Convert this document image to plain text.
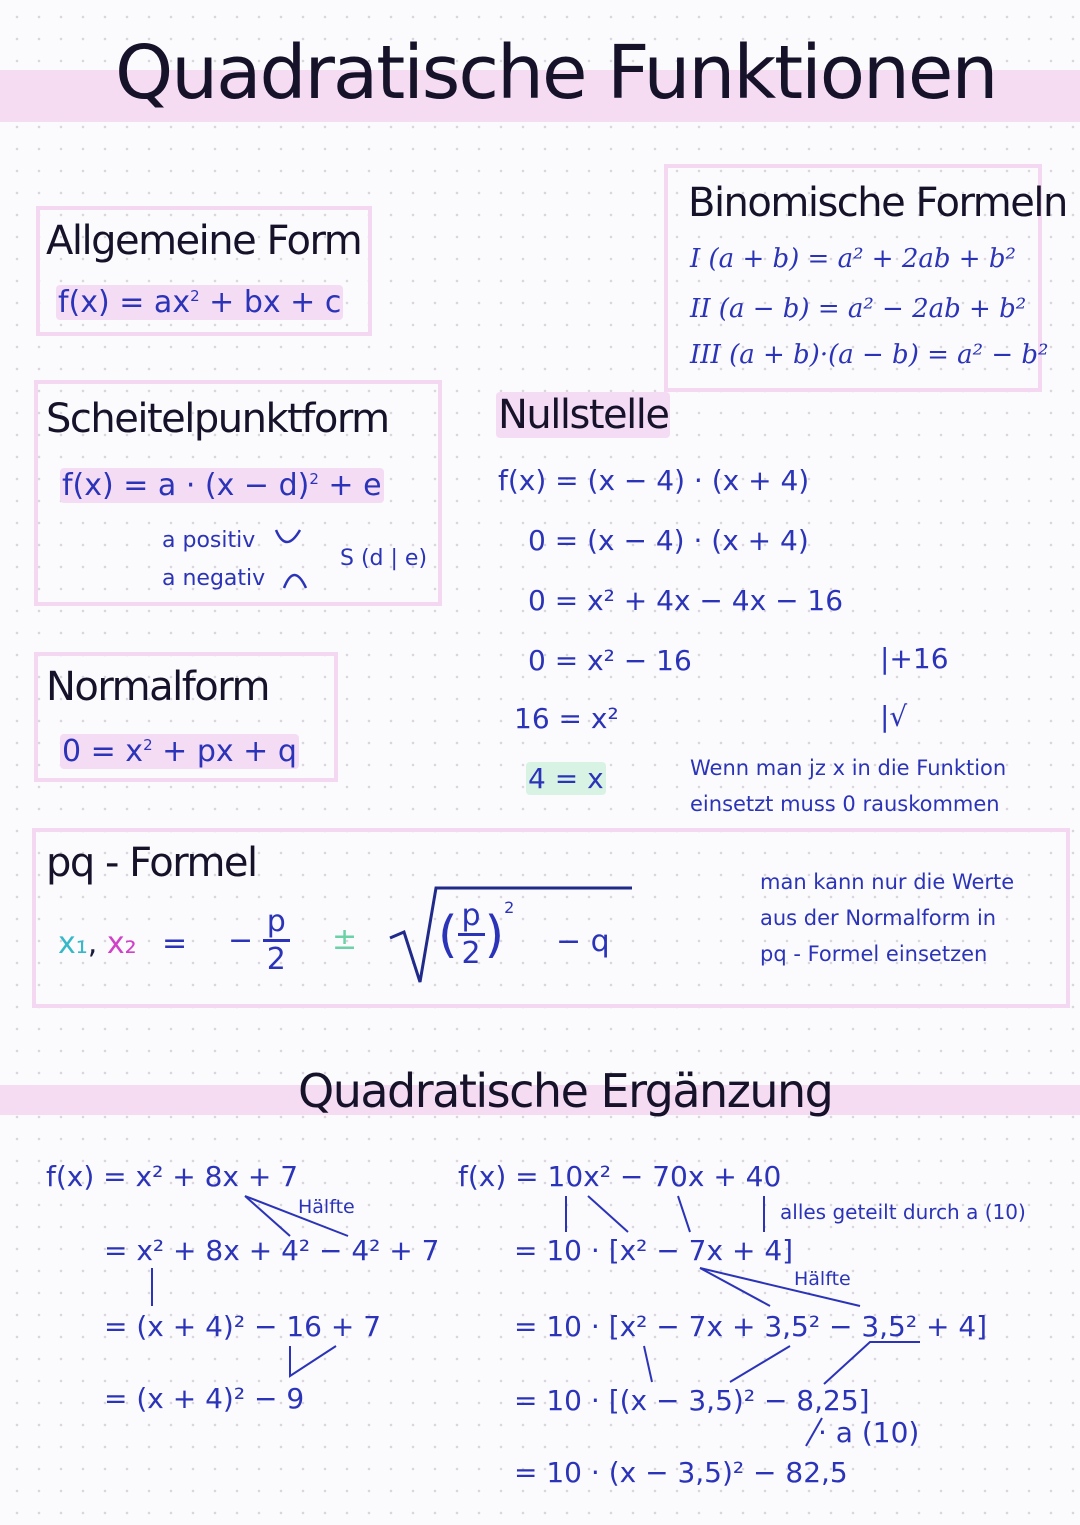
Quadratische Funktionen
Allgemeine Form
$f(x) = ax^2$ + bx + c
Binomische Formeln
I (a + b) = a² + 2ab + b²
II (a − b) = a² − 2ab + b²
III (a + b)·(a − b) = a² − b²
Scheitelpunktform
$f(x) = a \cdot (x - d)^2 + e$
a positiv
a negativ
S (d | e)
Normalform
$0 = x^2$ + px + q
Nullstelle
f(x) = (x − 4) · (x + 4)
0 = (x − 4) · (x + 4)
0 = x² + 4x − 4x − 16
0 = x² − 16
16 = x²
4 = x
|+16
|√
Wenn man jz x in die Funktion
einsetzt muss 0 rauskommen
pq - Formel
x₁, x₂ = − $\frac{p}{2}$ ± ( $\frac{p}{2} )^2$
− q
man kann nur die Werte
aus der Normalform in
pq - Formel einsetzen
Quadratische Ergänzung
f(x) = x² + 8x + 7
Hälfte
= x² + 8x + 4² − 4² + 7
= (x + 4)² − 16 + 7
= (x + 4)² − 9
f(x) = 10x² − 70x + 40
alles geteilt durch a (10)
= 10 · [x² − 7x + 4]
Hälfte
= 10 · [x² − 7x + 3,5² − 3,5² + 4]
= 10 · [(x − 3,5)² − 8,25]
· a (10)
= 10 · (x − 3,5)² − 82,5
